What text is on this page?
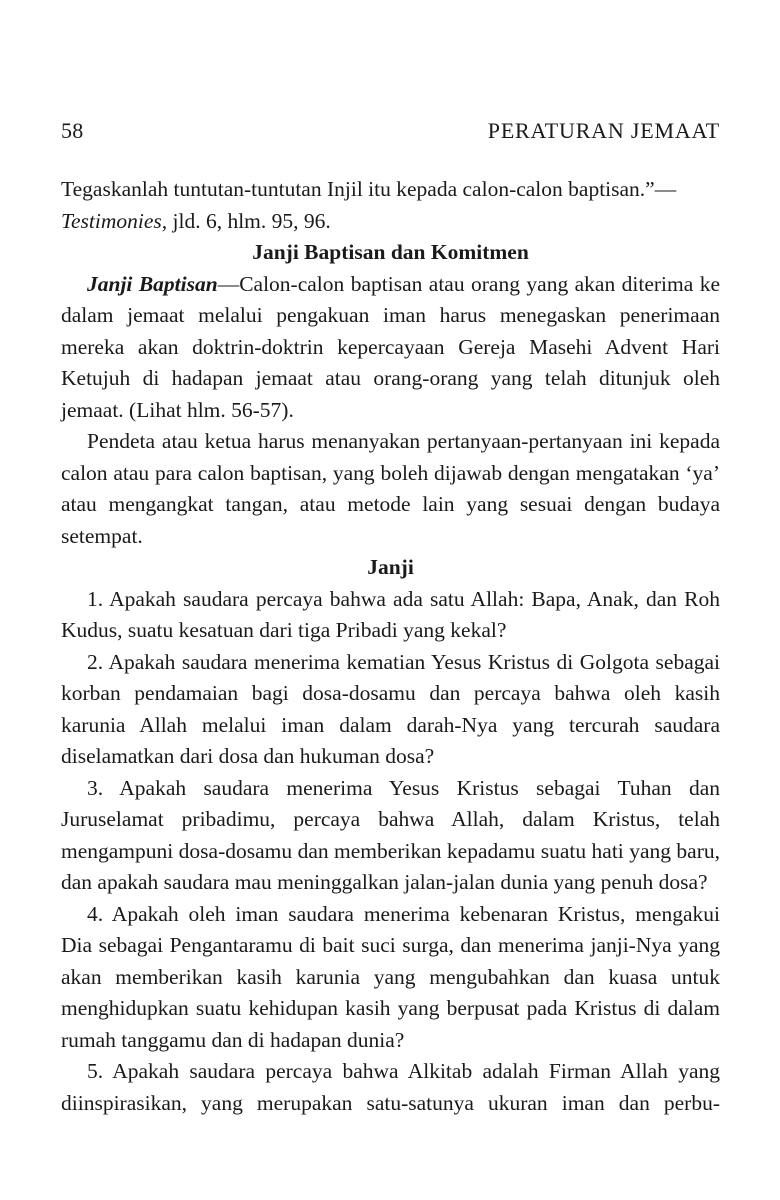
58	PERATURAN JEMAAT

Tegaskanlah tuntutan-tuntutan Injil itu kepada calon-calon baptisan.”—
Testimonies, jld. 6, hlm. 95, 96.

Janji Baptisan dan Komitmen

Janji Baptisan—Calon-calon baptisan atau orang yang akan diterima ke dalam jemaat melalui pengakuan iman harus menegaskan penerimaan mereka akan doktrin-doktrin kepercayaan Gereja Masehi Advent Hari Ketujuh di hadapan jemaat atau orang-orang yang telah ditunjuk oleh jemaat. (Lihat hlm. 56-57).

Pendeta atau ketua harus menanyakan pertanyaan-pertanyaan ini kepada calon atau para calon baptisan, yang boleh dijawab dengan mengatakan ‘ya’ atau mengangkat tangan, atau metode lain yang sesuai dengan budaya setempat.

Janji

1. Apakah saudara percaya bahwa ada satu Allah: Bapa, Anak, dan Roh Kudus, suatu kesatuan dari tiga Pribadi yang kekal?

2. Apakah saudara menerima kematian Yesus Kristus di Golgota sebagai korban pendamaian bagi dosa-dosamu dan percaya bahwa oleh kasih karunia Allah melalui iman dalam darah-Nya yang tercurah saudara diselamatkan dari dosa dan hukuman dosa?

3. Apakah saudara menerima Yesus Kristus sebagai Tuhan dan Juruselamat pribadimu, percaya bahwa Allah, dalam Kristus, telah mengampuni dosa-dosamu dan memberikan kepadamu suatu hati yang baru, dan apakah saudara mau meninggalkan jalan-jalan dunia yang penuh dosa?

4. Apakah oleh iman saudara menerima kebenaran Kristus, mengakui Dia sebagai Pengantaramu di bait suci surga, dan menerima janji-Nya yang akan memberikan kasih karunia yang mengubahkan dan kuasa untuk menghidupkan suatu kehidupan kasih yang berpusat pada Kristus di dalam rumah tanggamu dan di hadapan dunia?

5. Apakah saudara percaya bahwa Alkitab adalah Firman Allah yang diinspirasikan, yang merupakan satu-satunya ukuran iman dan perbu-
